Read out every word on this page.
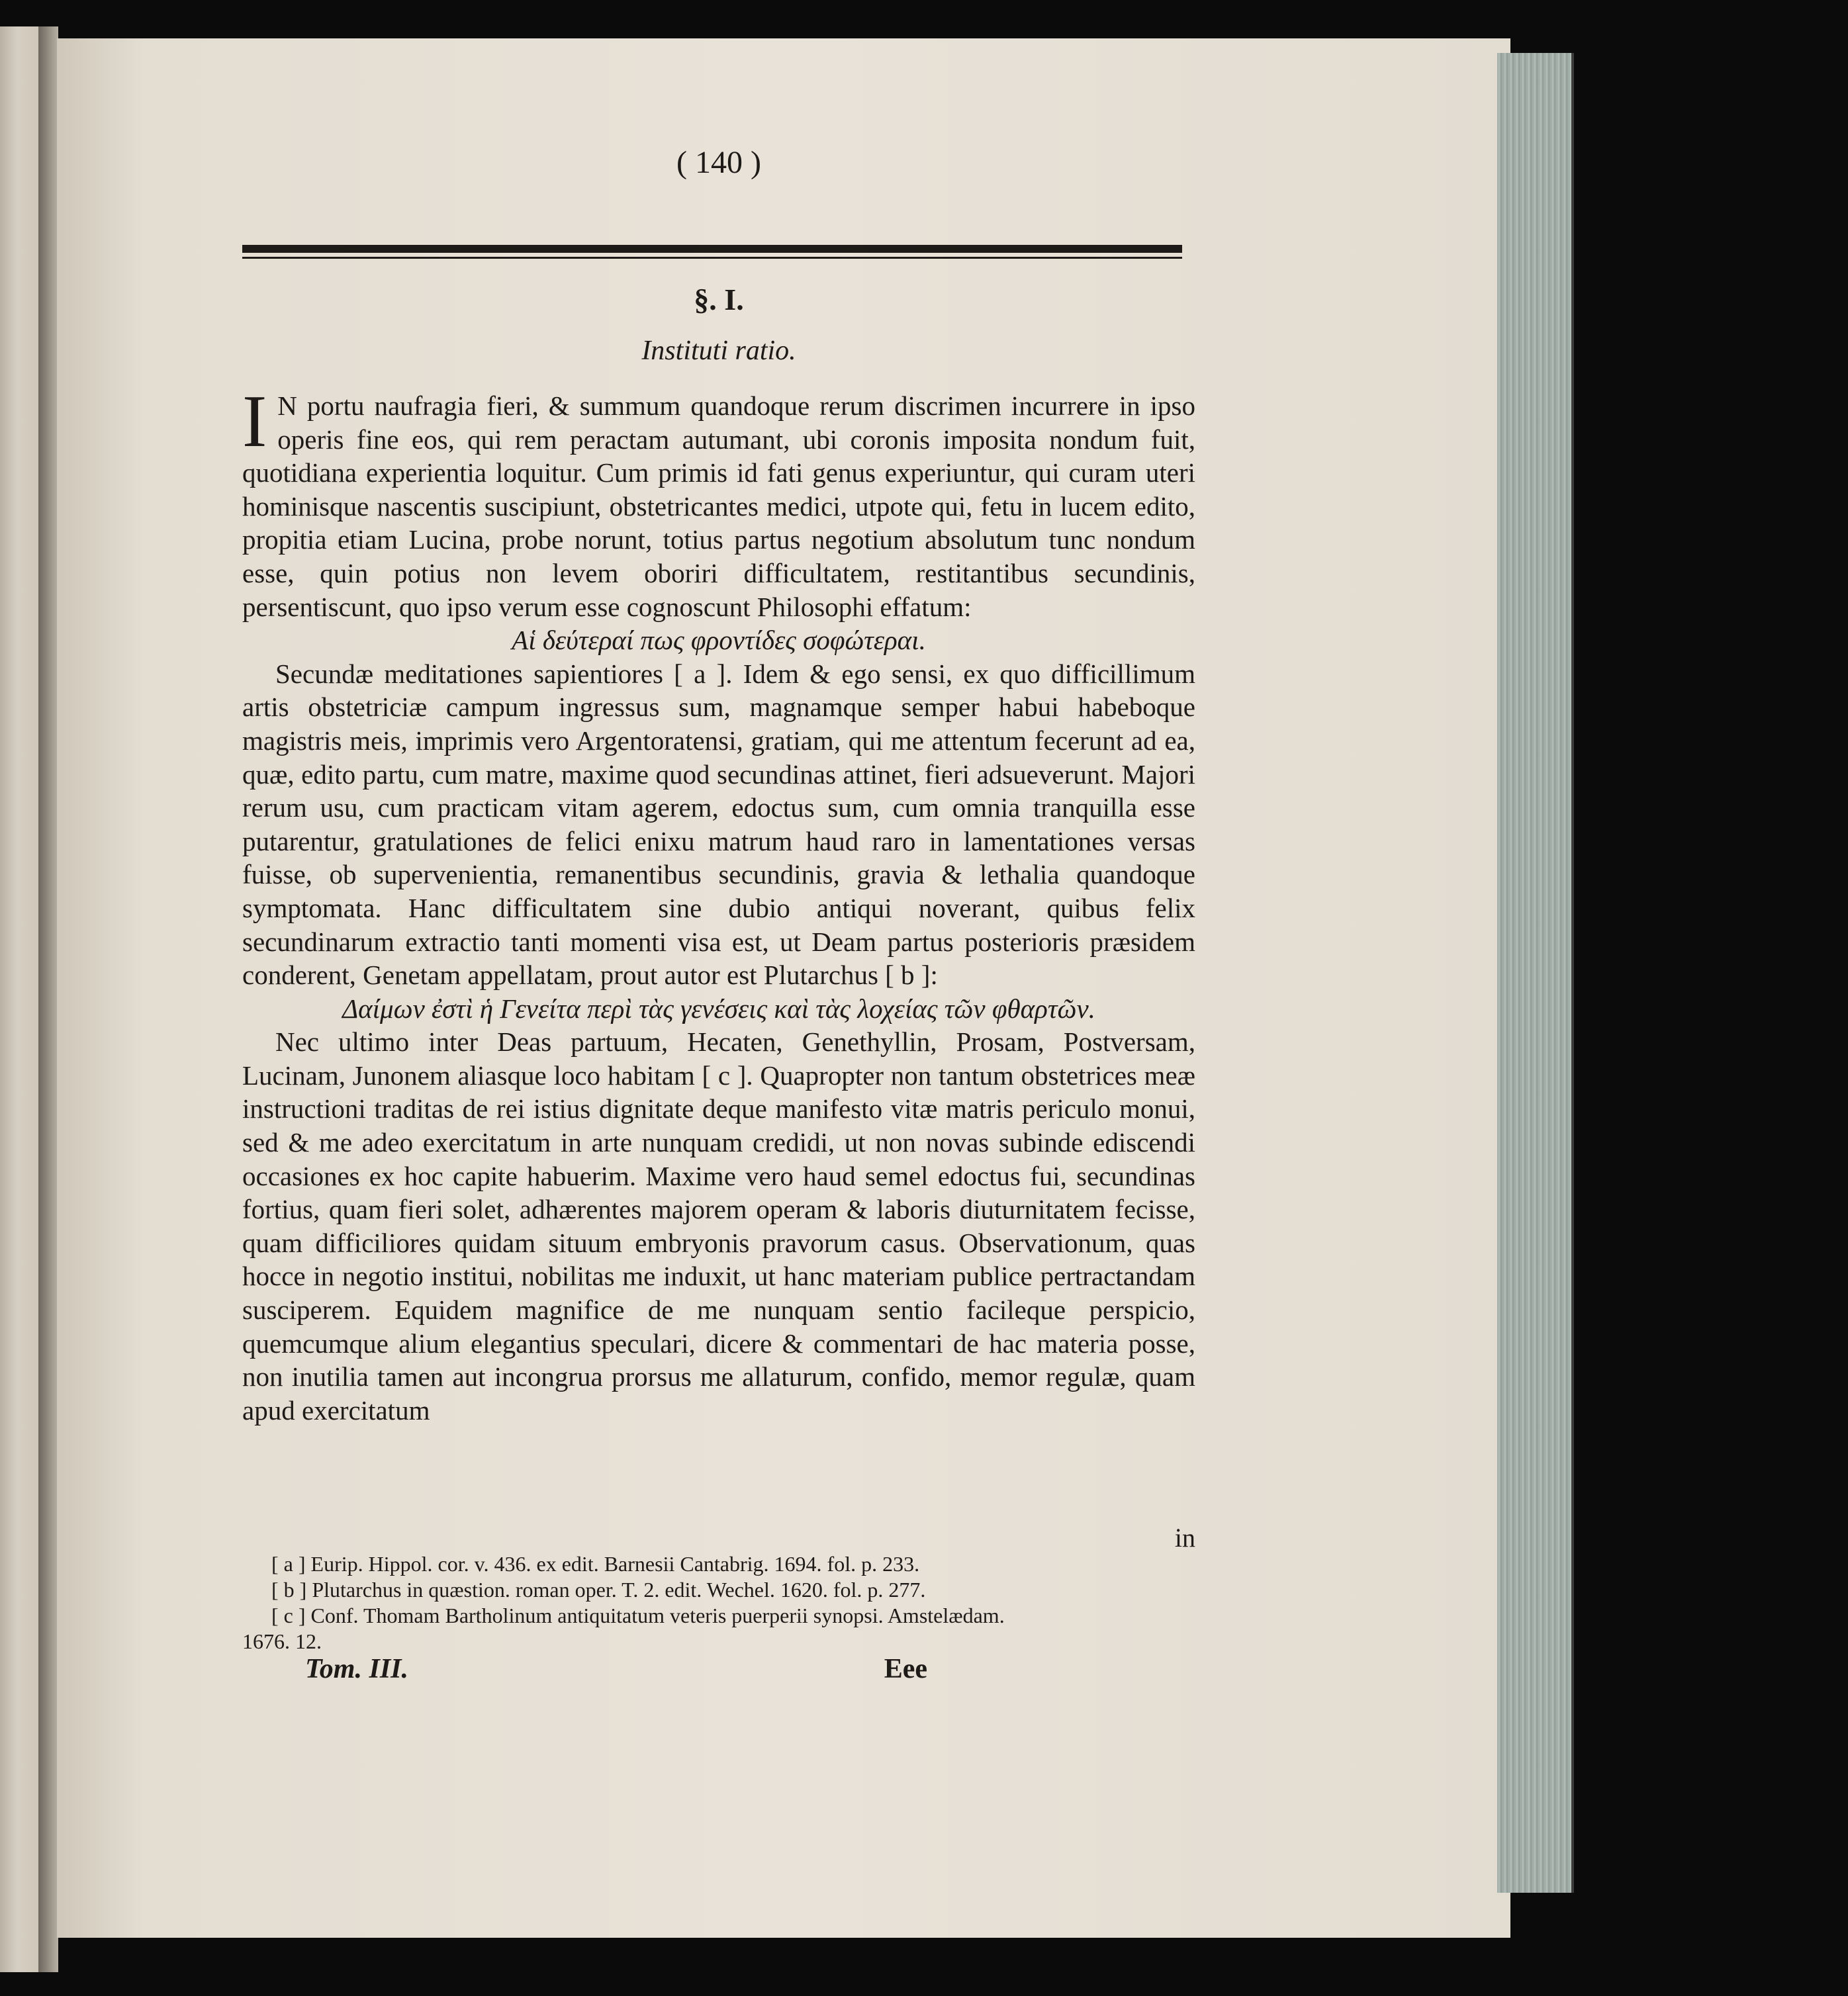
( 140 )
§. I.
Instituti ratio.

I N portu naufragia fieri, & summum quandoque rerum discrimen incurrere in ipso operis fine eos, qui rem peractam autumant, ubi coronis imposita nondum fuit, quotidiana experientia loquitur. Cum primis id fati genus experiuntur, qui curam uteri hominisque nascentis suscipiunt, obstetricantes medici, utpote qui, fetu in lucem edito, propitia etiam Lucina, probe norunt, totius partus negotium absolutum tunc nondum esse, quin potius non levem oboriri difficultatem, restitantibus secundinis, persentiscunt, quo ipso verum esse cognoscunt Philosophi effatum:

Αἱ δεύτεραί πως φροντίδες σοφώτεραι.

Secundæ meditationes sapientiores [ a ]. Idem & ego sensi, ex quo difficillimum artis obstetriciæ campum ingressus sum, magnamque semper habui habeboque magistris meis, imprimis vero Argentoratensi, gratiam, qui me attentum fecerunt ad ea, quæ, edito partu, cum matre, maxime quod secundinas attinet, fieri adsueverunt. Majori rerum usu, cum practicam vitam agerem, edoctus sum, cum omnia tranquilla esse putarentur, gratulationes de felici enixu matrum haud raro in lamentationes versas fuisse, ob supervenientia, remanentibus secundinis, gravia & lethalia quandoque symptomata. Hanc difficultatem sine dubio antiqui noverant, quibus felix secundinarum extractio tanti momenti visa est, ut Deam partus posterioris præsidem conderent, Genetam appellatam, prout autor est Plutarchus [ b ]:

Δαίμων ἐστὶ ἡ Γενείτα περὶ τὰς γενέσεις καὶ τὰς λοχείας τῶν φθαρτῶν.

Nec ultimo inter Deas partuum, Hecaten, Genethyllin, Prosam, Postversam, Lucinam, Junonem aliasque loco habitam [ c ]. Quapropter non tantum obstetrices meæ instructioni traditas de rei istius dignitate deque manifesto vitæ matris periculo monui, sed & me adeo exercitatum in arte nunquam credidi, ut non novas subinde ediscendi occasiones ex hoc capite habuerim. Maxime vero haud semel edoctus fui, secundinas fortius, quam fieri solet, adhærentes majorem operam & laboris diuturnitatem fecisse, quam difficiliores quidam situum embryonis pravorum casus. Observationum, quas hocce in negotio institui, nobilitas me induxit, ut hanc materiam publice pertractandam susciperem. Equidem magnifice de me nunquam sentio facileque perspicio, quemcumque alium elegantius speculari, dicere & commentari de hac materia posse, non inutilia tamen aut incongrua prorsus me allaturum, confido, memor regulæ, quam apud exercitatum

in

[ a ] Eurip. Hippol. cor. v. 436. ex edit. Barnesii Cantabrig. 1694. fol. p. 233.

[ b ] Plutarchus in quæstion. roman oper. T. 2. edit. Wechel. 1620. fol. p. 277.

[ c ] Conf. Thomam Bartholinum antiquitatum veteris puerperii synopsi. Amstelædam.

1676. 12.

Tom. III.	Eee
